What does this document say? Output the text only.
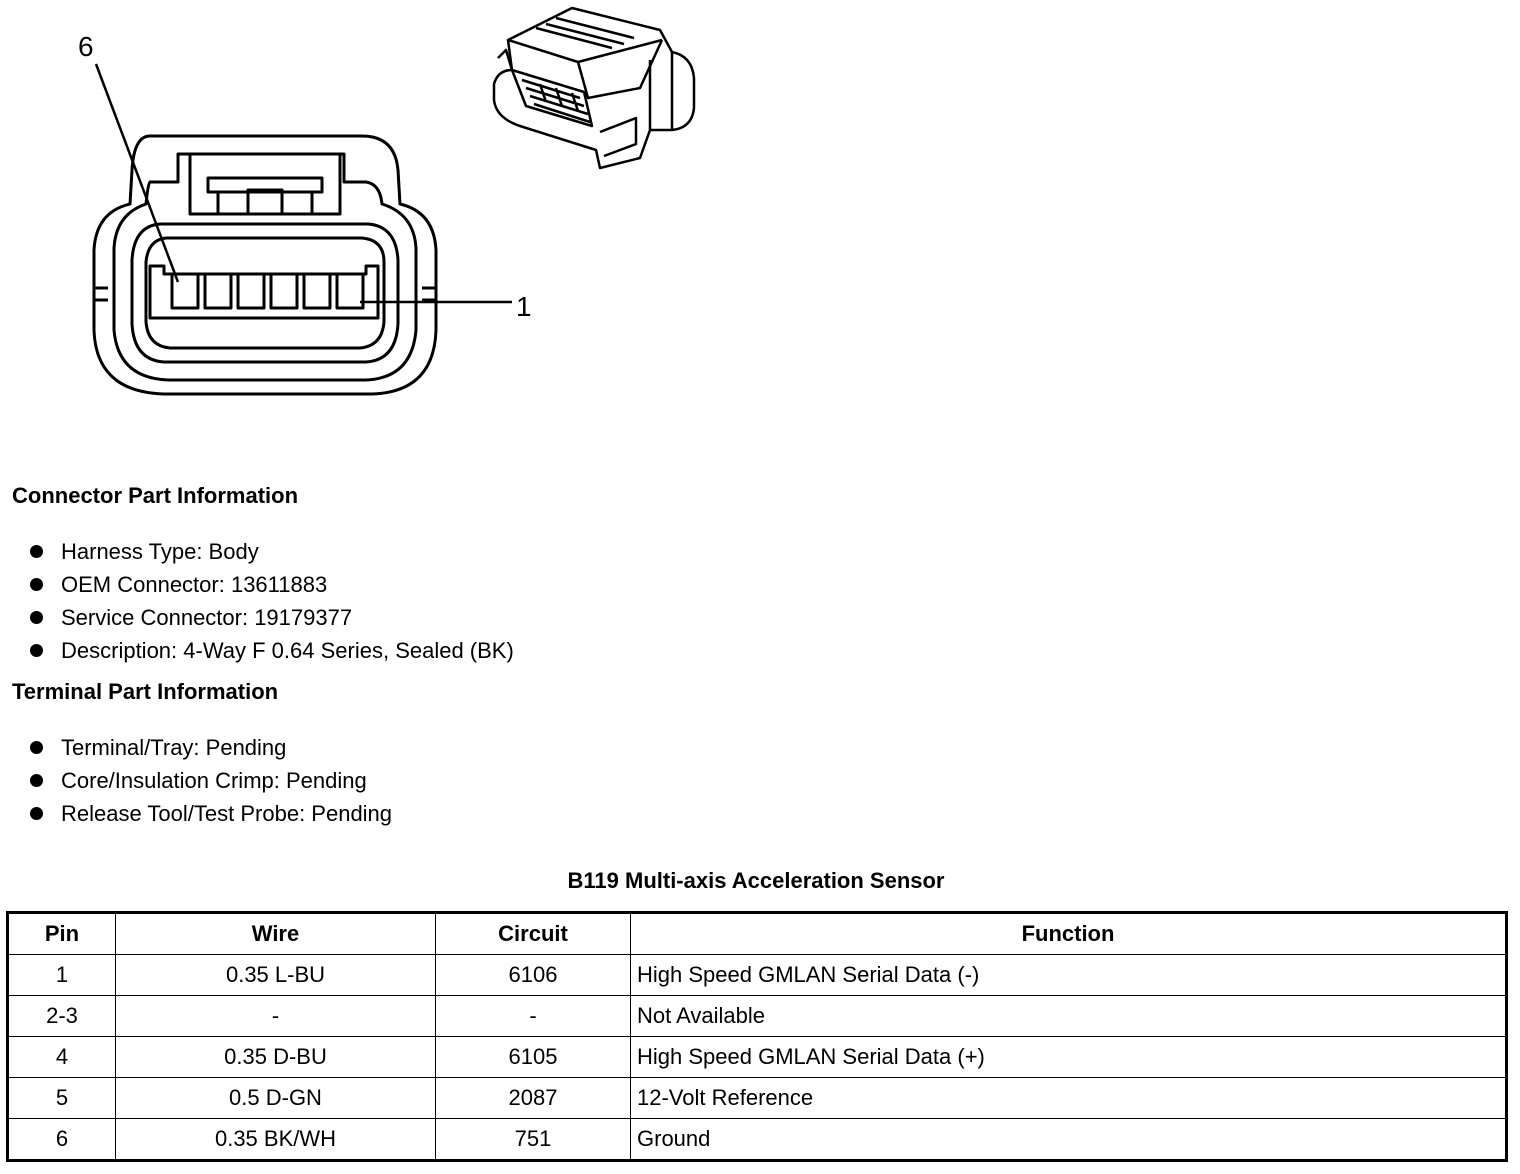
6
1
Connector Part Information
Harness Type: Body
OEM Connector: 13611883
Service Connector: 19179377
Description: 4-Way F 0.64 Series, Sealed (BK)
Terminal Part Information
Terminal/Tray: Pending
Core/Insulation Crimp: Pending
Release Tool/Test Probe: Pending
B119 Multi-axis Acceleration Sensor
Pin	Wire	Circuit	Function
1	0.35 L-BU	6106	High Speed GMLAN Serial Data (-)
2-3	-	-	Not Available
4	0.35 D-BU	6105	High Speed GMLAN Serial Data (+)
5	0.5 D-GN	2087	12-Volt Reference
6	0.35 BK/WH	751	Ground
